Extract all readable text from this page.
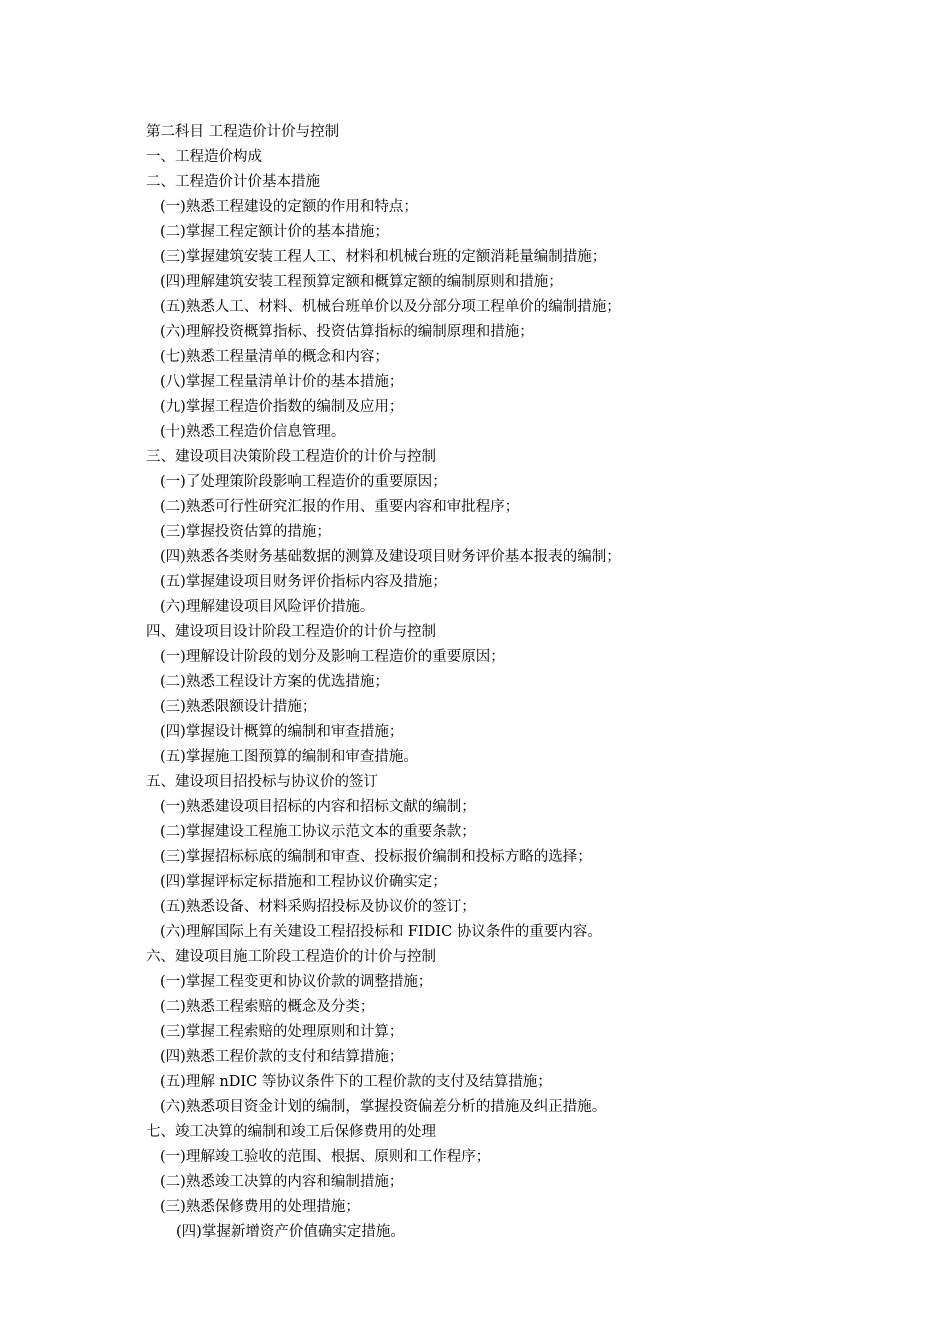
第二科目 工程造价计价与控制
一、工程造价构成
二、工程造价计价基本措施
(一)熟悉工程建设的定额的作用和特点；
(二)掌握工程定额计价的基本措施；
(三)掌握建筑安装工程人工、材料和机械台班的定额消耗量编制措施；
(四)理解建筑安装工程预算定额和概算定额的编制原则和措施；
(五)熟悉人工、材料、机械台班单价以及分部分项工程单价的编制措施；
(六)理解投资概算指标、投资估算指标的编制原理和措施；
(七)熟悉工程量清单的概念和内容；
(八)掌握工程量清单计价的基本措施；
(九)掌握工程造价指数的编制及应用；
(十)熟悉工程造价信息管理。
三、建设项目决策阶段工程造价的计价与控制
(一)了处理策阶段影响工程造价的重要原因；
(二)熟悉可行性研究汇报的作用、重要内容和审批程序；
(三)掌握投资估算的措施；
(四)熟悉各类财务基础数据的测算及建设项目财务评价基本报表的编制；
(五)掌握建设项目财务评价指标内容及措施；
(六)理解建设项目风险评价措施。
四、建设项目设计阶段工程造价的计价与控制
(一)理解设计阶段的划分及影响工程造价的重要原因；
(二)熟悉工程设计方案的优选措施；
(三)熟悉限额设计措施；
(四)掌握设计概算的编制和审查措施；
(五)掌握施工图预算的编制和审查措施。
五、建设项目招投标与协议价的签订
(一)熟悉建设项目招标的内容和招标文献的编制；
(二)掌握建设工程施工协议示范文本的重要条款；
(三)掌握招标标底的编制和审查、投标报价编制和投标方略的选择；
(四)掌握评标定标措施和工程协议价确实定；
(五)熟悉设备、材料采购招投标及协议价的签订；
(六)理解国际上有关建设工程招投标和 FIDIC 协议条件的重要内容。
六、建设项目施工阶段工程造价的计价与控制
(一)掌握工程变更和协议价款的调整措施；
(二)熟悉工程索赔的概念及分类；
(三)掌握工程索赔的处理原则和计算；
(四)熟悉工程价款的支付和结算措施；
(五)理解 nDIC 等协议条件下的工程价款的支付及结算措施；
(六)熟悉项目资金计划的编制，掌握投资偏差分析的措施及纠正措施。
七、竣工决算的编制和竣工后保修费用的处理
(一)理解竣工验收的范围、根据、原则和工作程序；
(二)熟悉竣工决算的内容和编制措施；
(三)熟悉保修费用的处理措施；
(四)掌握新增资产价值确实定措施。
